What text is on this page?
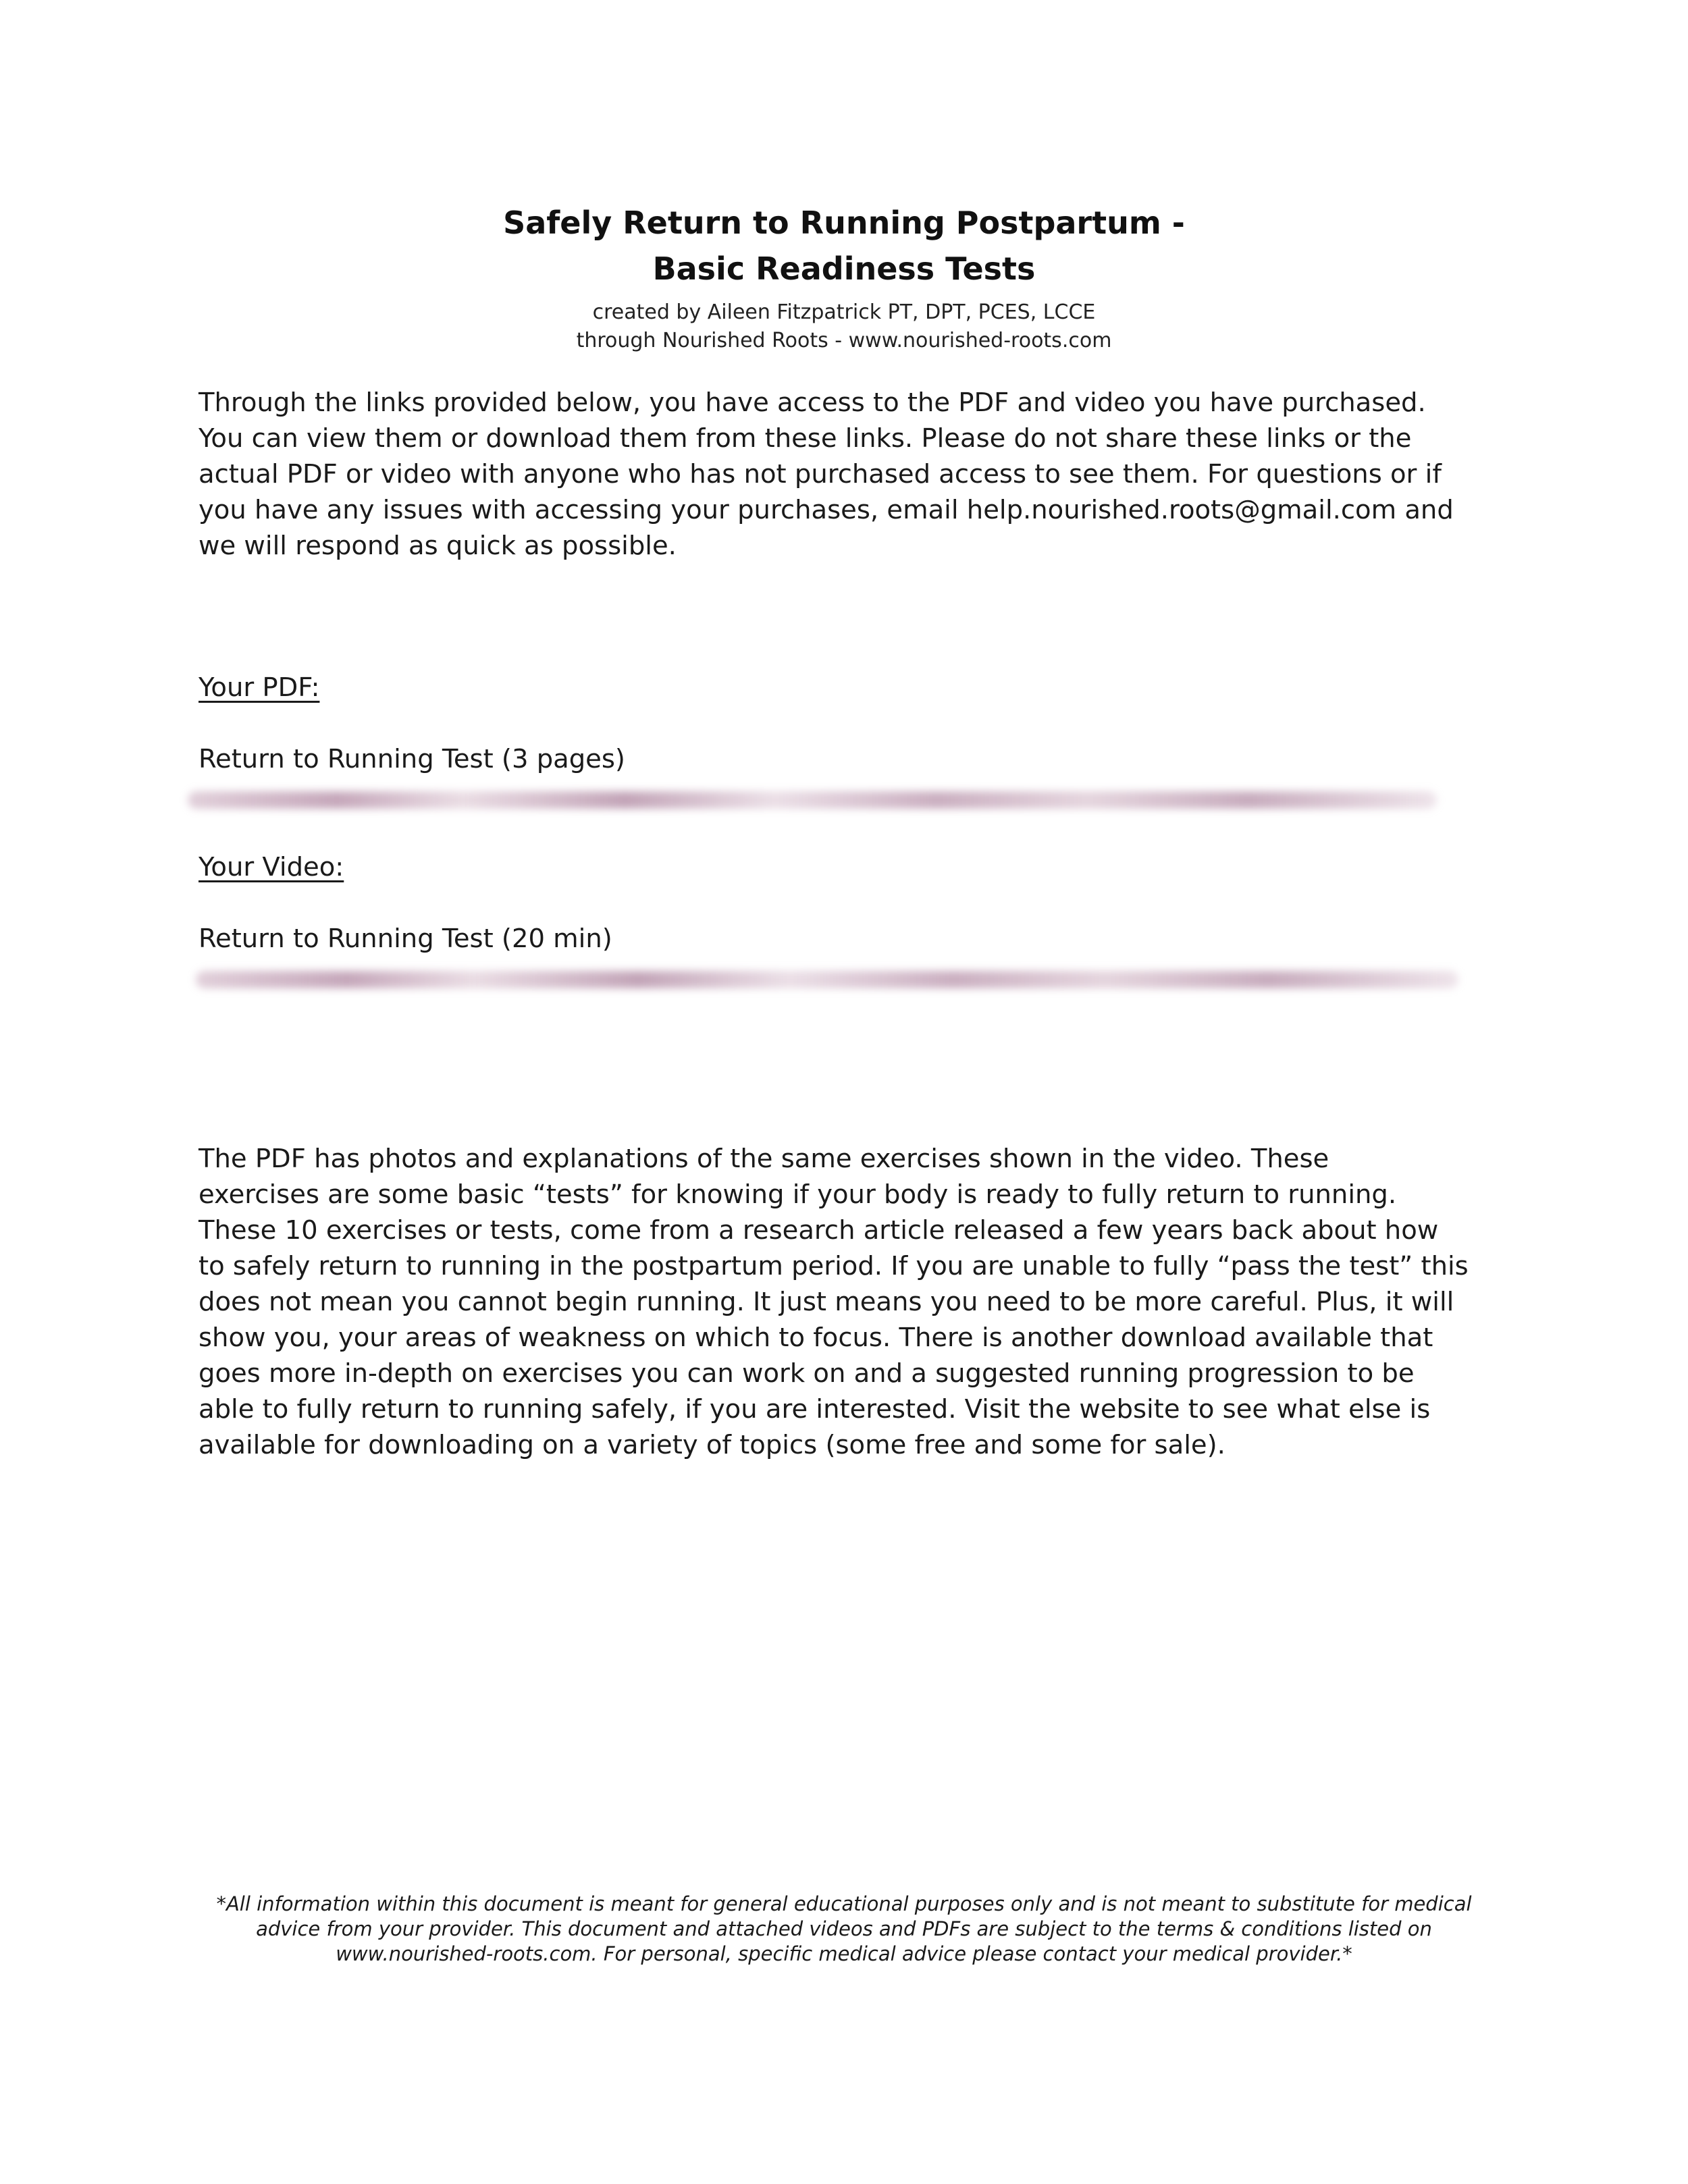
Safely Return to Running Postpartum -
Basic Readiness Tests
created by Aileen Fitzpatrick PT, DPT, PCES, LCCE
through Nourished Roots - www.nourished-roots.com
Through the links provided below, you have access to the PDF and video you have purchased.
You can view them or download them from these links. Please do not share these links or the
actual PDF or video with anyone who has not purchased access to see them. For questions or if
you have any issues with accessing your purchases, email help.nourished.roots@gmail.com and
we will respond as quick as possible.
Your PDF:
Return to Running Test (3 pages)
Your Video:
Return to Running Test (20 min)
The PDF has photos and explanations of the same exercises shown in the video. These
exercises are some basic “tests” for knowing if your body is ready to fully return to running.
These 10 exercises or tests, come from a research article released a few years back about how
to safely return to running in the postpartum period. If you are unable to fully “pass the test” this
does not mean you cannot begin running. It just means you need to be more careful. Plus, it will
show you, your areas of weakness on which to focus. There is another download available that
goes more in-depth on exercises you can work on and a suggested running progression to be
able to fully return to running safely, if you are interested. Visit the website to see what else is
available for downloading on a variety of topics (some free and some for sale).
*All information within this document is meant for general educational purposes only and is not meant to substitute for medical
advice from your provider. This document and attached videos and PDFs are subject to the terms & conditions listed on
www.nourished-roots.com. For personal, specific medical advice please contact your medical provider.*
